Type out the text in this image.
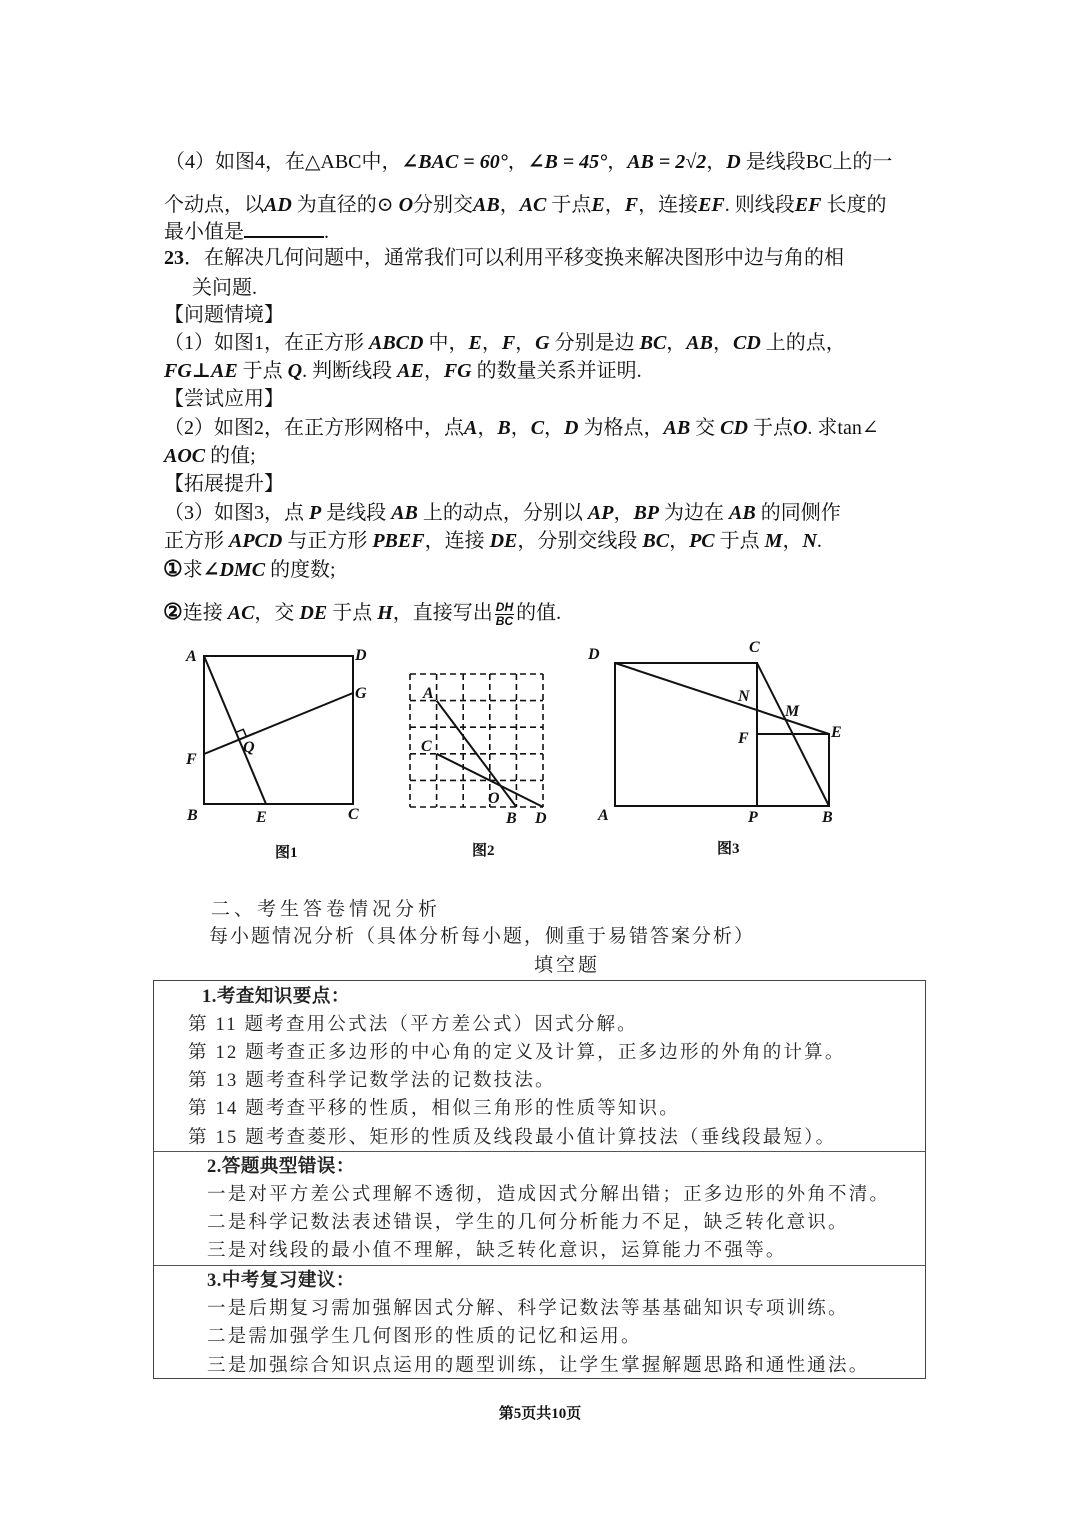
（4）如图4，在△ABC中，∠BAC = 60°，∠B = 45°，AB = 2√2，D 是线段BC上的一
个动点，以AD 为直径的⊙ O分别交AB，AC 于点E，F，连接EF. 则线段EF 长度的
最小值是	.
23．在解决几何问题中，通常我们可以利用平移变换来解决图形中边与角的相
关问题.
【问题情境】
（1）如图1，在正方形 ABCD 中，E，F，G 分别是边 BC，AB，CD 上的点，
FG⊥AE 于点 Q. 判断线段 AE，FG 的数量关系并证明.
【尝试应用】
（2）如图2，在正方形网格中，点A，B，C，D 为格点，AB 交 CD 于点O. 求tan∠
AOC 的值;
【拓展提升】
（3）如图3，点 P 是线段 AB 上的动点，分别以 AP，BP 为边在 AB 的同侧作
正方形 APCD 与正方形 PBEF，连接 DE，分别交线段 BC，PC 于点 M，N.
①求∠DMC 的度数;
②连接 AC，交 DE 于点 H，直接写出 $\frac{DH}{BC}$ 的值.
A	D
G
F
Q
B	E	C
图1
A
C
O
B D
图2
D	C
N
M
E
F
A	P	B
图3
二、考生答卷情况分析
每小题情况分析（具体分析每小题，侧重于易错答案分析）
填空题
1.考查知识要点：
第 11 题考查用公式法（平方差公式）因式分解。
第 12 题考查正多边形的中心角的定义及计算，正多边形的外角的计算。
第 13 题考查科学记数学法的记数技法。
第 14 题考查平移的性质，相似三角形的性质等知识。
第 15 题考查菱形、矩形的性质及线段最小值计算技法（垂线段最短）。
2.答题典型错误：
一是对平方差公式理解不透彻，造成因式分解出错；正多边形的外角不清。
二是科学记数法表述错误，学生的几何分析能力不足，缺乏转化意识。
三是对线段的最小值不理解，缺乏转化意识，运算能力不强等。
3.中考复习建议：
一是后期复习需加强解因式分解、科学记数法等基基础知识专项训练。
二是需加强学生几何图形的性质的记忆和运用。
三是加强综合知识点运用的题型训练，让学生掌握解题思路和通性通法。
第5页共10页
